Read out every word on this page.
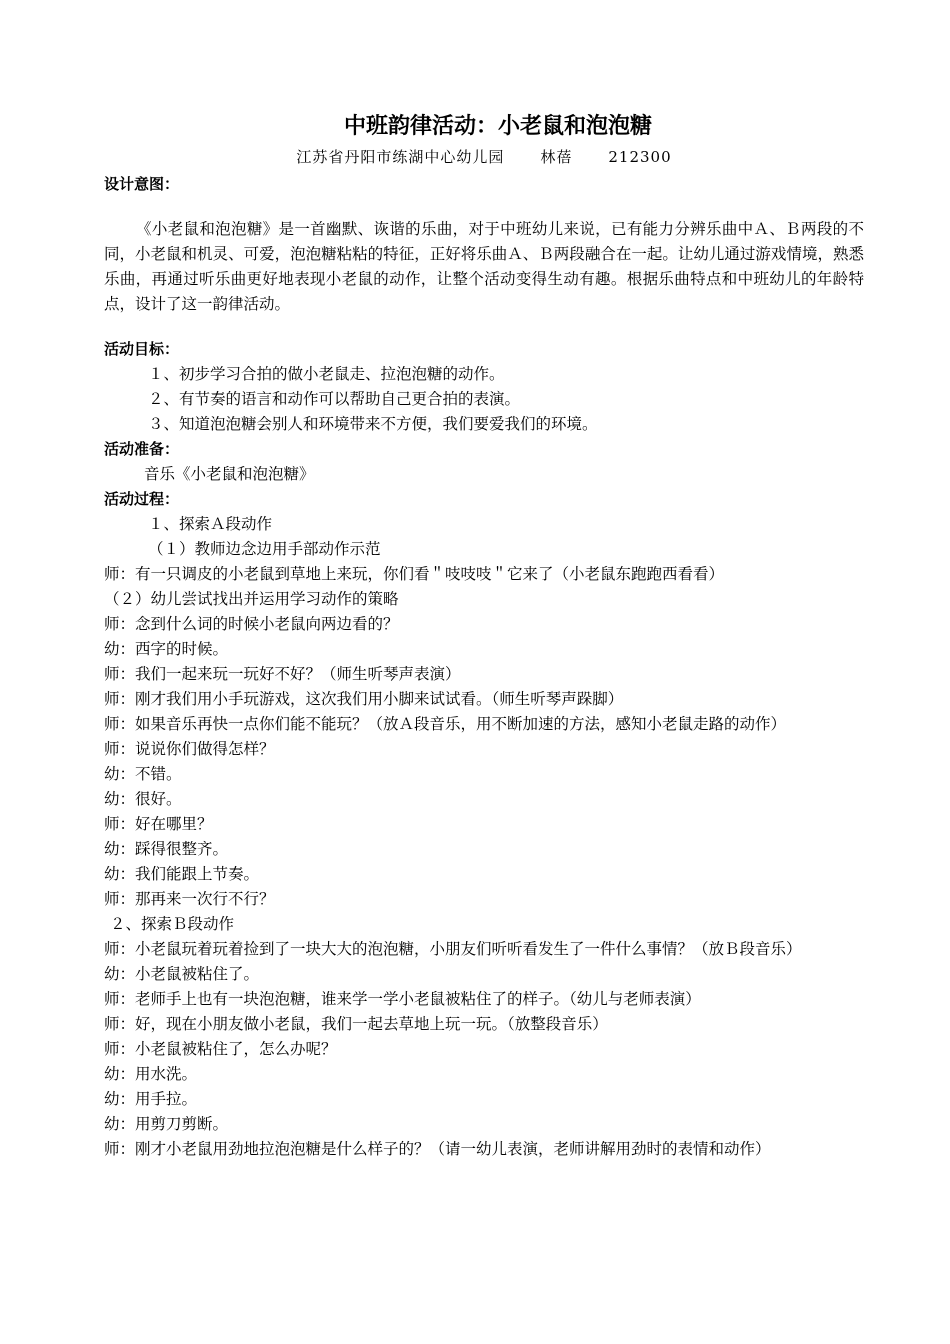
中班韵律活动：小老鼠和泡泡糖
江苏省丹阳市练湖中心幼儿园 林蓓 212300
设计意图：

《小老鼠和泡泡糖》是一首幽默、诙谐的乐曲，对于中班幼儿来说，已有能力分辨乐曲中Ａ、Ｂ两段的不同，小老鼠和机灵、可爱，泡泡糖粘粘的特征，正好将乐曲Ａ、Ｂ两段融合在一起。让幼儿通过游戏情境，熟悉乐曲，再通过听乐曲更好地表现小老鼠的动作，让整个活动变得生动有趣。根据乐曲特点和中班幼儿的年龄特点，设计了这一韵律活动。

活动目标：
１、初步学习合拍的做小老鼠走、拉泡泡糖的动作。
２、有节奏的语言和动作可以帮助自己更合拍的表演。
３、知道泡泡糖会别人和环境带来不方便，我们要爱我们的环境。
活动准备：
音乐《小老鼠和泡泡糖》
活动过程：
１、探索Ａ段动作
（１）教师边念边用手部动作示范
师：有一只调皮的小老鼠到草地上来玩，你们看＂吱吱吱＂它来了（小老鼠东跑跑西看看）
（２）幼儿尝试找出并运用学习动作的策略
师：念到什么词的时候小老鼠向两边看的？
幼：西字的时候。
师：我们一起来玩一玩好不好？（师生听琴声表演）
师：刚才我们用小手玩游戏，这次我们用小脚来试试看。（师生听琴声跺脚）
师：如果音乐再快一点你们能不能玩？（放Ａ段音乐，用不断加速的方法，感知小老鼠走路的动作）
师：说说你们做得怎样？
幼：不错。
幼：很好。
师：好在哪里？
幼：踩得很整齐。
幼：我们能跟上节奏。
师：那再来一次行不行？
２、探索Ｂ段动作
师：小老鼠玩着玩着捡到了一块大大的泡泡糖，小朋友们听听看发生了一件什么事情？（放Ｂ段音乐）
幼：小老鼠被粘住了。
师：老师手上也有一块泡泡糖，谁来学一学小老鼠被粘住了的样子。（幼儿与老师表演）
师：好，现在小朋友做小老鼠，我们一起去草地上玩一玩。（放整段音乐）
师：小老鼠被粘住了，怎么办呢？
幼：用水洗。
幼：用手拉。
幼：用剪刀剪断。
师：刚才小老鼠用劲地拉泡泡糖是什么样子的？（请一幼儿表演，老师讲解用劲时的表情和动作）
